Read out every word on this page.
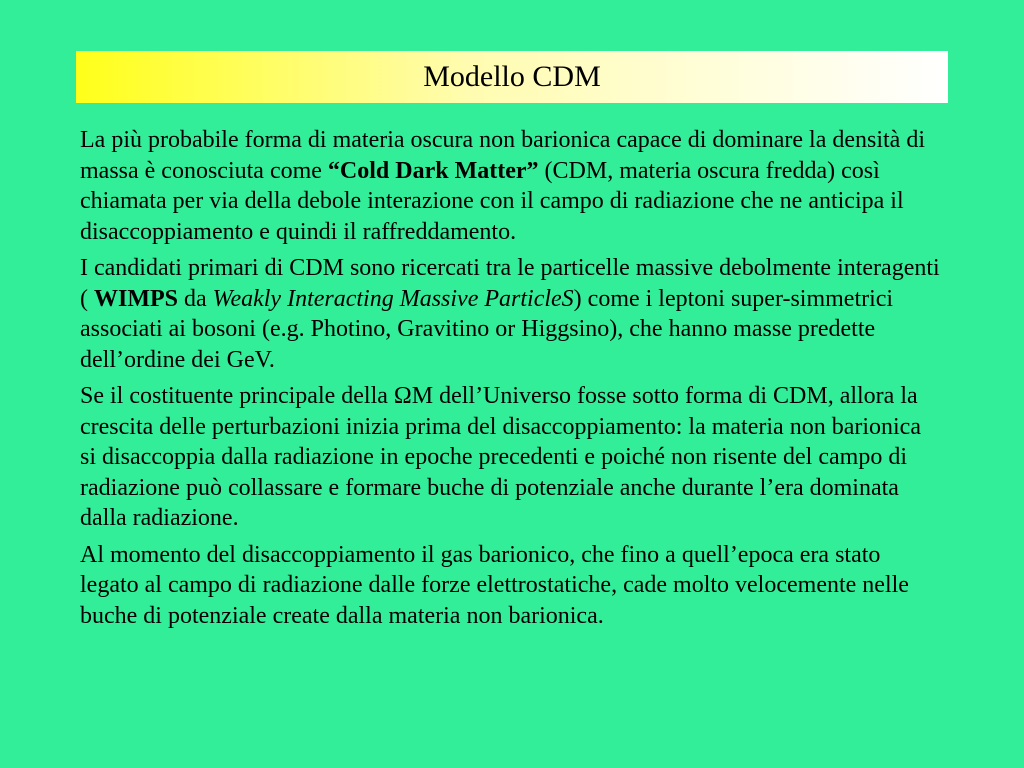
Modello CDM

La più probabile forma di materia oscura non barionica capace di dominare la densità di massa è conosciuta come “Cold Dark Matter” (CDM, materia oscura fredda) così chiamata per via della debole interazione con il campo di radiazione che ne anticipa il disaccoppiamento e quindi il raffreddamento.

I candidati primari di CDM sono ricercati tra le particelle massive debolmente interagenti ( WIMPS da Weakly Interacting Massive ParticleS) come i leptoni super-simmetrici associati ai bosoni (e.g. Photino, Gravitino or Higgsino), che hanno masse predette dell’ordine dei GeV.

Se il costituente principale della ΩM dell’Universo fosse sotto forma di CDM, allora la crescita delle perturbazioni inizia prima del disaccoppiamento: la materia non barionica si disaccoppia dalla radiazione in epoche precedenti e poiché non risente del campo di radiazione può collassare e formare buche di potenziale anche durante l’era dominata dalla radiazione.

Al momento del disaccoppiamento il gas barionico, che fino a quell’epoca era stato legato al campo di radiazione dalle forze elettrostatiche, cade molto velocemente nelle buche di potenziale create dalla materia non barionica.
